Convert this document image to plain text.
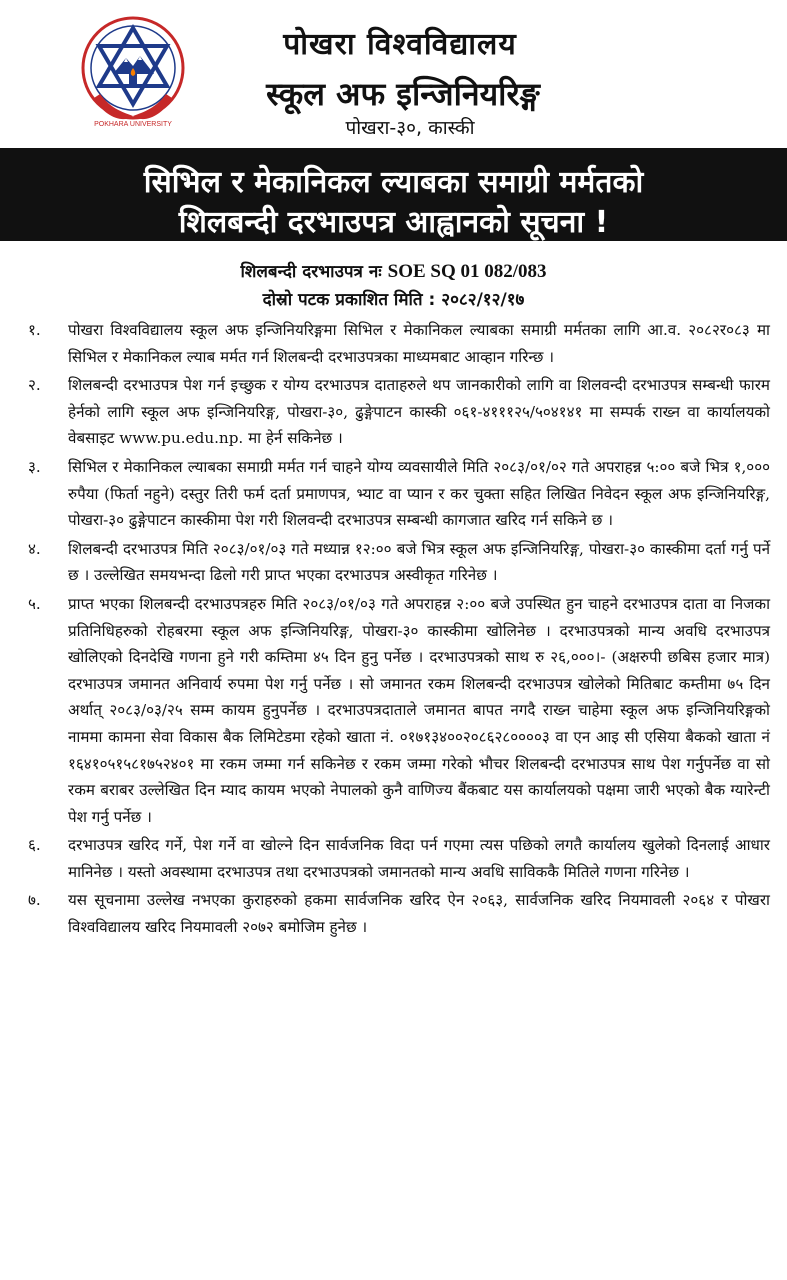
POKHARA UNIVERSITY
पोखरा विश्वविद्यालय
स्कूल अफ इन्जिनियरिङ्ग
पोखरा-३०, कास्की
सिभिल र मेकानिकल ल्याबका समाग्री मर्मतको
शिलबन्दी दरभाउपत्र आह्वानको सूचना !
शिलबन्दी दरभाउपत्र नः SOE SQ 01 082/083
दोस्रो पटक प्रकाशित मिति : २०८२/१२/१७
१.	पोखरा विश्वविद्यालय स्कूल अफ इन्जिनियरिङ्गमा सिभिल र मेकानिकल ल्याबका समाग्री मर्मतका लागि आ.व. २०८२र०८३ मा सिभिल र मेकानिकल ल्याब मर्मत गर्न शिलबन्दी दरभाउपत्रका माध्यमबाट आव्हान गरिन्छ ।
२.	शिलबन्दी दरभाउपत्र पेश गर्न इच्छुक र योग्य दरभाउपत्र दाताहरुले थप जानकारीको लागि वा शिलवन्दी दरभाउपत्र सम्बन्धी फारम हेर्नको लागि स्कूल अफ इन्जिनियरिङ्ग, पोखरा-३०, ढुङ्गेपाटन कास्की ०६१-४१११२५/५०४१४१ मा सम्पर्क राख्न वा कार्यालयको वेबसाइट www.pu.edu.np. मा हेर्न सकिनेछ ।
३.	सिभिल र मेकानिकल ल्याबका समाग्री मर्मत गर्न चाहने योग्य व्यवसायीले मिति २०८३/०१/०२ गते अपराहन्न ५:०० बजे भित्र १,००० रुपैया (फिर्ता नहुने) दस्तुर तिरी फर्म दर्ता प्रमाणपत्र, भ्याट वा प्यान र कर चुक्ता सहित लिखित निवेदन स्कूल अफ इन्जिनियरिङ्ग, पोखरा-३० ढुङ्गेपाटन कास्कीमा पेश गरी शिलवन्दी दरभाउपत्र सम्बन्धी कागजात खरिद गर्न सकिने छ ।
४.	शिलबन्दी दरभाउपत्र मिति २०८३/०१/०३ गते मध्यान्न १२:०० बजे भित्र स्कूल अफ इन्जिनियरिङ्ग, पोखरा-३० कास्कीमा दर्ता गर्नु पर्ने छ । उल्लेखित समयभन्दा ढिलो गरी प्राप्त भएका दरभाउपत्र अस्वीकृत गरिनेछ ।
५.	प्राप्त भएका शिलबन्दी दरभाउपत्रहरु मिति २०८३/०१/०३ गते अपराहन्न २:०० बजे उपस्थित हुन चाहने दरभाउपत्र दाता वा निजका प्रतिनिधिहरुको रोहबरमा स्कूल अफ इन्जिनियरिङ्ग, पोखरा-३० कास्कीमा खोलिनेछ । दरभाउपत्रको मान्य अवधि दरभाउपत्र खोलिएको दिनदेखि गणना हुने गरी कम्तिमा ४५ दिन हुनु पर्नेछ । दरभाउपत्रको साथ रु २६,०००।- (अक्षरुपी छबिस हजार मात्र) दरभाउपत्र जमानत अनिवार्य रुपमा पेश गर्नु पर्नेछ । सो जमानत रकम शिलबन्दी दरभाउपत्र खोलेको मितिबाट कम्तीमा ७५ दिन अर्थात् २०८३/०३/२५ सम्म कायम हुनुपर्नेछ । दरभाउपत्रदाताले जमानत बापत नगदै राख्न चाहेमा स्कूल अफ इन्जिनियरिङ्गको नाममा कामना सेवा विकास बैक लिमिटेडमा रहेको खाता नं. ०१७१३४००२०८६२८००००३ वा एन आइ सी एसिया बैकको खाता नं १६४१०५१५८१७५२४०१ मा रकम जम्मा गर्न सकिनेछ र रकम जम्मा गरेको भौचर शिलबन्दी दरभाउपत्र साथ पेश गर्नुपर्नेछ वा सो रकम बराबर उल्लेखित दिन म्याद कायम भएको नेपालको कुनै वाणिज्य बैंकबाट यस कार्यालयको पक्षमा जारी भएको बैक ग्यारेन्टी पेश गर्नु पर्नेछ ।
६.	दरभाउपत्र खरिद गर्ने, पेश गर्ने वा खोल्ने दिन सार्वजनिक विदा पर्न गएमा त्यस पछिको लगतै कार्यालय खुलेको दिनलाई आधार मानिनेछ । यस्तो अवस्थामा दरभाउपत्र तथा दरभाउपत्रको जमानतको मान्य अवधि साविककै मितिले गणना गरिनेछ ।
७.	यस सूचनामा उल्लेख नभएका कुराहरुको हकमा सार्वजनिक खरिद ऐन २०६३, सार्वजनिक खरिद नियमावली २०६४ र पोखरा विश्वविद्यालय खरिद नियमावली २०७२ बमोजिम हुनेछ ।
